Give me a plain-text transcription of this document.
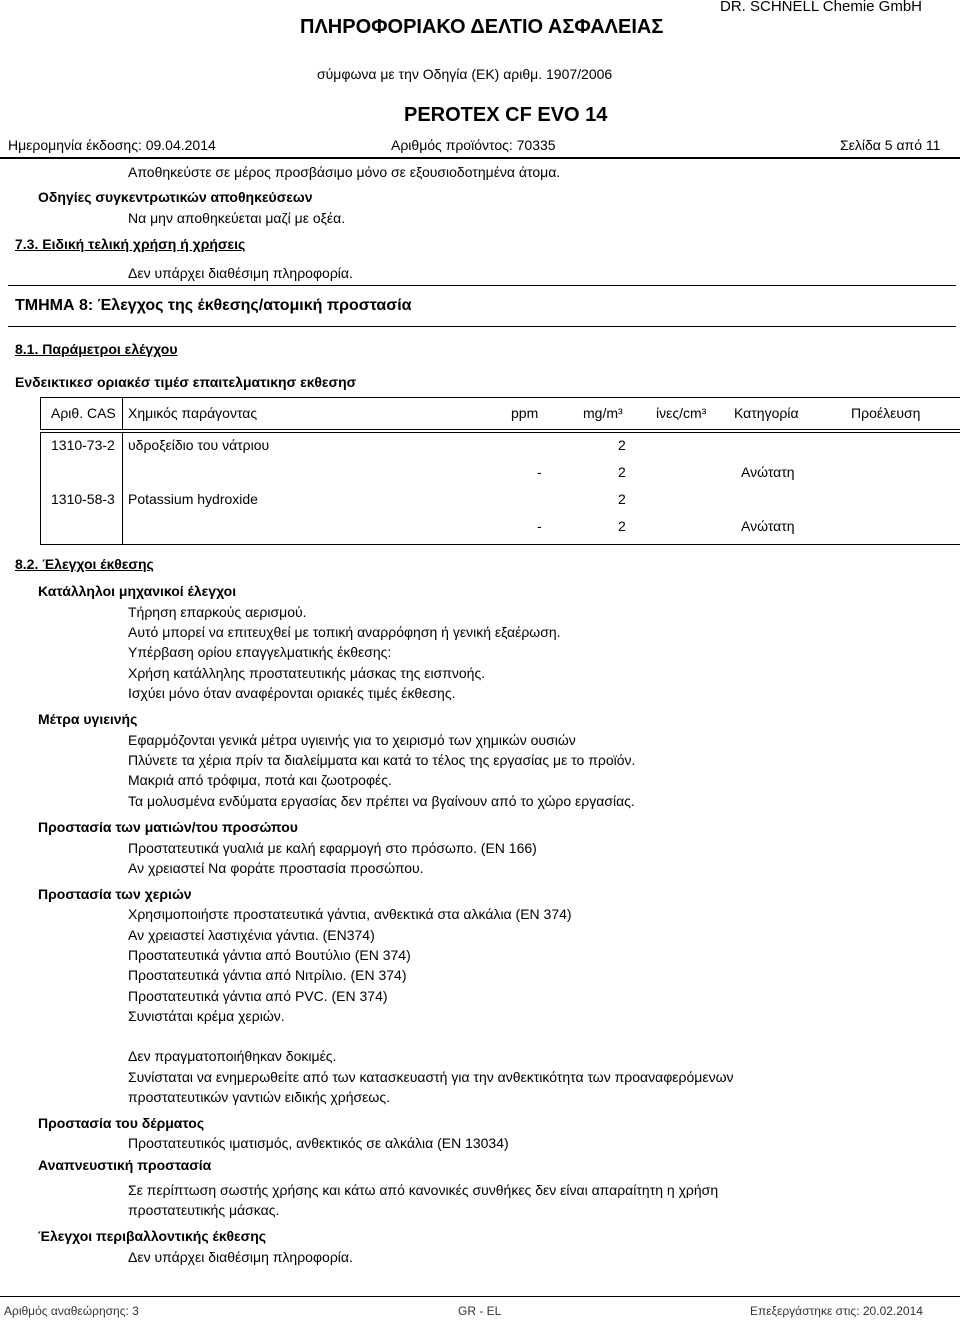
ΠΛΗΡΟΦΟΡΙΑΚΟ ΔΕΛΤΙΟ ΑΣΦΑΛΕΙΑΣ
DR. SCHNELL Chemie GmbH
σύμφωνα με την Οδηγία (ΕΚ) αριθμ. 1907/2006
PEROTEX CF EVO 14
Ημερομηνία έκδοσης: 09.04.2014	Αριθμός προϊόντος: 70335	Σελίδα 5 από 11
Αποθηκεύστε σε μέρος προσβάσιμο μόνο σε εξουσιοδοτημένα άτομα.
Οδηγίες συγκεντρωτικών αποθηκεύσεων
Να μην αποθηκεύεται μαζί με οξέα.
7.3. Ειδική τελική χρήση ή χρήσεις
Δεν υπάρχει διαθέσιμη πληροφορία.
ΤΜΗΜΑ 8: Έλεγχος της έκθεσης/ατομική προστασία
8.1. Παράμετροι ελέγχου
Ενδεικτικεσ οριακέσ τιμέσ επαιτελματικησ εκθεσησ
Αριθ. CAS Χημικός παράγοντας	ppm	mg/m³ ίνες/cm³ Κατηγορία	Προέλευση
1310-73-2 υδροξείδιο του νάτριου	2
-	2	Ανώτατη
1310-58-3 Potassium hydroxide	2
-	2	Ανώτατη
8.2. Έλεγχοι έκθεσης
Κατάλληλοι μηχανικοί έλεγχοι
Τήρηση επαρκούς αερισμού.
Αυτό μπορεί να επιτευχθεί με τοπική αναρρόφηση ή γενική εξαέρωση.
Υπέρβαση ορίου επαγγελματικής έκθεσης:
Χρήση κατάλληλης προστατευτικής μάσκας της εισπνοής.
Ισχύει μόνο όταν αναφέρονται οριακές τιμές έκθεσης.
Μέτρα υγιεινής
Εφαρμόζονται γενικά μέτρα υγιεινής για το χειρισμό των χημικών ουσιών
Πλύνετε τα χέρια πρίν τα διαλείμματα και κατά το τέλος της εργασίας με το προϊόν.
Μακριά από τρόφιμα, ποτά και ζωοτροφές.
Τα μολυσμένα ενδύματα εργασίας δεν πρέπει να βγαίνουν από το χώρο εργασίας.
Προστασία των ματιών/του προσώπου
Προστατευτικά γυαλιά με καλή εφαρμογή στο πρόσωπο. (EN 166)
Αν χρειαστεί Να φοράτε προστασία προσώπου.
Προστασία των χεριών
Χρησιμοποιήστε προστατευτικά γάντια, ανθεκτικά στα αλκάλια (EN 374)
Αν χρειαστεί λαστιχένια γάντια. (EN374)
Προστατευτικά γάντια από Βουτύλιο (EN 374)
Προστατευτικά γάντια από Νιτρίλιο. (EN 374)
Προστατευτικά γάντια από PVC. (EN 374)
Συνιστάται κρέμα χεριών.
Δεν πραγματοποιήθηκαν δοκιμές.
Συνίσταται να ενημερωθείτε από των κατασκευαστή για την ανθεκτικότητα των προαναφερόμενων
προστατευτικών γαντιών ειδικής χρήσεως.
Προστασία του δέρματος
Προστατευτικός ιματισμός, ανθεκτικός σε αλκάλια (EN 13034)
Αναπνευστική προστασία
Σε περίπτωση σωστής χρήσης και κάτω από κανονικές συνθήκες δεν είναι απαραίτητη η χρήση
προστατευτικής μάσκας.
Έλεγχοι περιβαλλοντικής έκθεσης
Δεν υπάρχει διαθέσιμη πληροφορία.
Αριθμός αναθεώρησης: 3	GR - EL	Επεξεργάστηκε στις: 20.02.2014
